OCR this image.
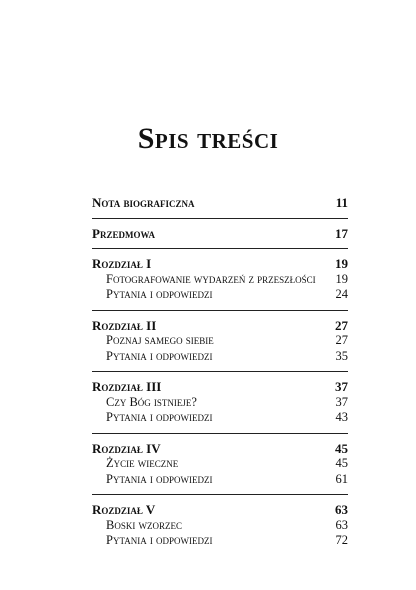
Spis treści
Nota biograficzna	11
Przedmowa	17
Rozdział I	19
Fotografowanie wydarzeń z przeszłości 19
Pytania i odpowiedzi	24
Rozdział II	27
Poznaj samego siebie	27
Pytania i odpowiedzi	35
Rozdział III	37
Czy Bóg istnieje?	37
Pytania i odpowiedzi	43
Rozdział IV	45
Życie wieczne	45
Pytania i odpowiedzi	61
Rozdział V	63
Boski wzorzec	63
Pytania i odpowiedzi	72
